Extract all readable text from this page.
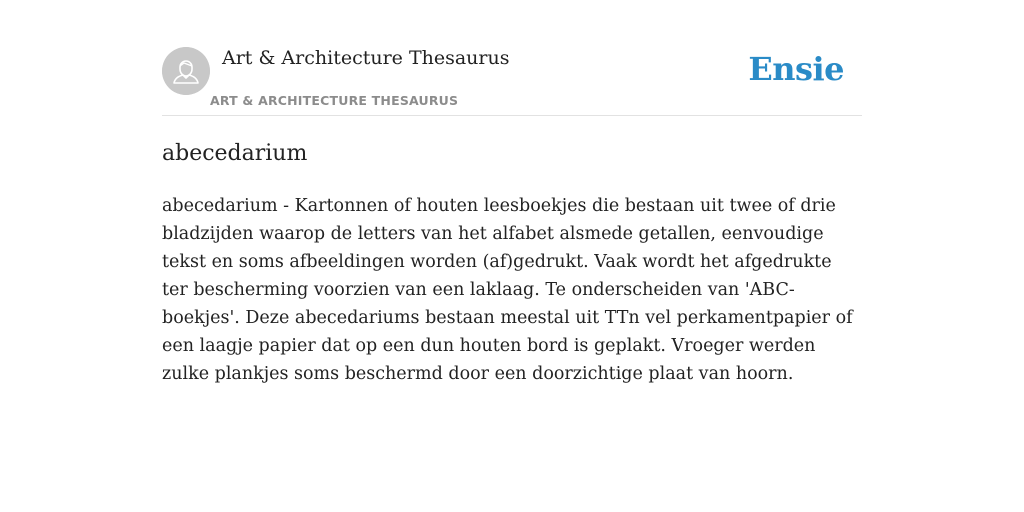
Art & Architecture Thesaurus
ART & ARCHITECTURE THESAURUS
Ensie
abecedarium

abecedarium - Kartonnen of houten leesboekjes die bestaan uit twee of drie bladzijden waarop de letters van het alfabet alsmede getallen, eenvoudige tekst en soms afbeeldingen worden (af)gedrukt. Vaak wordt het afgedrukte ter bescherming voorzien van een laklaag. Te onderscheiden van 'ABC-boekjes'. Deze abecedariums bestaan meestal uit TTn vel perkamentpapier of een laagje papier dat op een dun houten bord is geplakt. Vroeger werden zulke plankjes soms beschermd door een doorzichtige plaat van hoorn.
